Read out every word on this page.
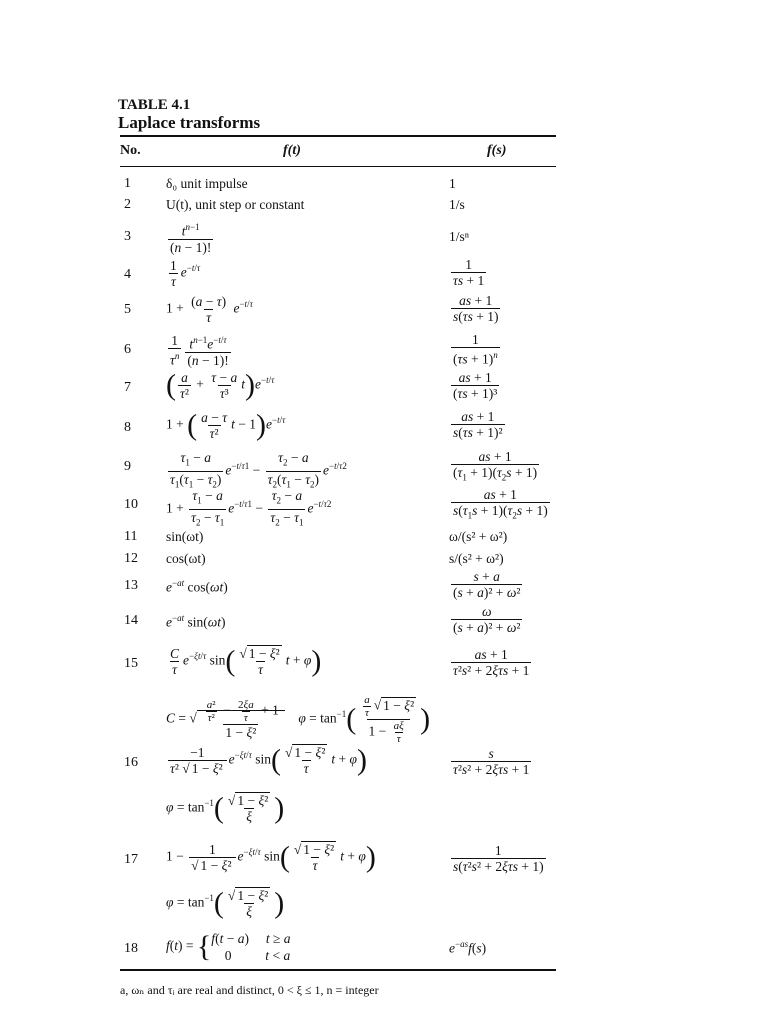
TABLE 4.1
Laplace transforms
No.	f(t)	f(s)
1
2
3
4
5
6
7
8
9
10
11
12
13
14
15
16
17
18
δ₀ unit impulse
U(t), unit step or constant
$\frac{t^{n-1}}{(n - 1)!}$
$\frac{1}{\tau} e^{-t/\tau}$
$1 + \frac{(a - \tau)}{\tau} e^{-t/\tau}$
$\frac{1}{\tau^n} \frac{t^{n-1}e^{-t/\tau}}{(n - 1)!}$
( $\frac{a}{\text{τ²}} + \frac{\tau - a}{\text{τ³}} t)e^{-t/\tau}$
1 + ( $\frac{a - \tau}{\text{τ²}}$ $t - 1)e^{-t/\tau}$
$\frac{\tau_1 - a}{\tau_1(\tau_1 - \tau_2)} e^{-t/\tau 1} - \frac{\tau_2 - a}{\tau_2(\tau_1 - \tau_2)} e^{-t/\tau 2}$
$1 + \frac{\tau_1 - a}{\tau_2 - \tau_1} e^{-t/\tau 1} - \frac{\tau_2 - a}{\tau_2 - \tau_1} e^{-t/\tau 2}$
sin(ωt)
cos(ωt)
$e^{-at}$ cos(ωt)
$e^{-at}$ sin(ωt)
$\frac{C}{\tau} e^{-\xi t/\tau}$ $\sin( \frac{\text{√ 1 − ξ²}}{\tau}$ t + φ)
C = √ $\frac{\frac{\text{a²}}{\text{τ²}} - \frac{2\xi a}{\tau} + 1}{\text{1 − ξ²}}$ $\varphi = \tan^{-1}( \frac{\frac{a}{\tau} √ 1 - \xi^2}{1 - \frac{a\xi}{\tau}}$ )
$\frac{-1}{\text{τ² √ 1 − ξ²}} e^{-\xi t/\tau}$ $\sin( \frac{\text{√ 1 − ξ²}}{\tau}$ t + φ)
$\varphi = \tan^{-1}( \frac{\text{√ 1 − ξ²}}{\xi}$ )
$1 - \frac{1}{\text{√ 1 − ξ²}} e^{-\xi t/\tau}$ $\sin( \frac{\text{√ 1 − ξ²}}{\tau}$ t + φ)
$\varphi = \tan^{-1}( \frac{\text{√ 1 − ξ²}}{\xi}$ )
f(t) = {f(t − a)     t ≥ a
0          t < a
1
1/s
1/sⁿ
$\frac{1}{\tau s + 1}$
$\frac{as + 1}{s(\tau s + 1)}$
$\frac{1}{(\tau s + 1)^n}$
$\frac{as + 1}{\text{(τs + 1)³}}$
$\frac{as + 1}{\text{s(τs + 1)²}}$
$\frac{as + 1}{(\tau_1 + 1)(\tau_2s + 1)}$
$\frac{as + 1}{s(\tau_1s + 1)(\tau_2s + 1)}$
ω/(s² + ω²)
s/(s² + ω²)
$\frac{s + a}{\text{(s + a)² + ω²}}$
$\frac{\omega}{\text{(s + a)² + ω²}}$
$\frac{as + 1}{\text{τ²s² + 2ξτs + 1}}$
$\frac{s}{\text{τ²s² + 2ξτs + 1}}$
$\frac{1}{\text{s(τ²s² + 2ξτs + 1)}}$
$e^{-as}f(s)$
a, ωₙ and τᵢ are real and distinct, 0 < ξ ≤ 1, n = integer
